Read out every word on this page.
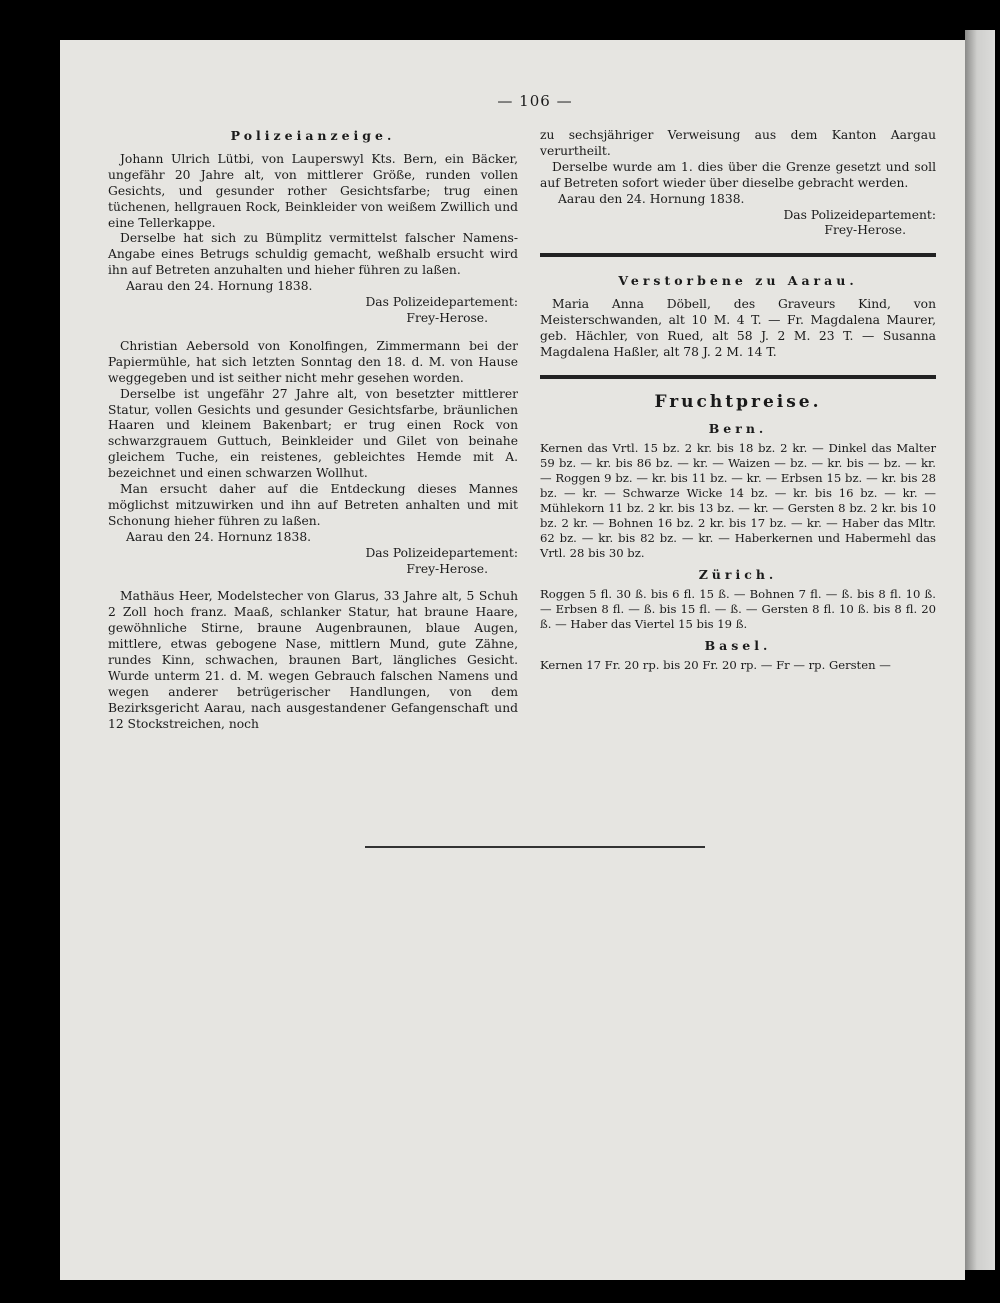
— 106 —
Polizeianzeige.

Johann Ulrich Lütbi, von Lauperswyl Kts. Bern, ein Bäcker, ungefähr 20 Jahre alt, von mittlerer Größe, runden vollen Gesichts, und gesunder rother Gesichtsfarbe; trug einen tüchenen, hellgrauen Rock, Beinkleider von weißem Zwillich und eine Tellerkappe.

Derselbe hat sich zu Bümplitz vermittelst falscher Namens-Angabe eines Betrugs schuldig gemacht, weßhalb ersucht wird ihn auf Betreten anzuhalten und hieher führen zu laßen.

Aarau den 24. Hornung 1838.

Das Polizeidepartement:

Frey-Herose.

Christian Aebersold von Konolfingen, Zimmermann bei der Papiermühle, hat sich letzten Sonntag den 18. d. M. von Hause weggegeben und ist seither nicht mehr gesehen worden.

Derselbe ist ungefähr 27 Jahre alt, von besetzter mittlerer Statur, vollen Gesichts und gesunder Gesichtsfarbe, bräunlichen Haaren und kleinem Bakenbart; er trug einen Rock von schwarzgrauem Guttuch, Beinkleider und Gilet von beinahe gleichem Tuche, ein reistenes, gebleichtes Hemde mit A. bezeichnet und einen schwarzen Wollhut.

Man ersucht daher auf die Entdeckung dieses Mannes möglichst mitzuwirken und ihn auf Betreten anhalten und mit Schonung hieher führen zu laßen.

Aarau den 24. Hornunz 1838.

Das Polizeidepartement:

Frey-Herose.

Mathäus Heer, Modelstecher von Glarus, 33 Jahre alt, 5 Schuh 2 Zoll hoch franz. Maaß, schlanker Statur, hat braune Haare, gewöhnliche Stirne, braune Augenbraunen, blaue Augen, mittlere, etwas gebogene Nase, mittlern Mund, gute Zähne, rundes Kinn, schwachen, braunen Bart, längliches Gesicht. Wurde unterm 21. d. M. wegen Gebrauch falschen Namens und wegen anderer betrügerischer Handlungen, von dem Bezirksgericht Aarau, nach ausgestandener Gefangenschaft und 12 Stockstreichen, noch

zu sechsjähriger Verweisung aus dem Kanton Aargau verurtheilt.

Derselbe wurde am 1. dies über die Grenze gesetzt und soll auf Betreten sofort wieder über dieselbe gebracht werden.

Aarau den 24. Hornung 1838.

Das Polizeidepartement:

Frey-Herose.

Verstorbene zu Aarau.

Maria Anna Döbell, des Graveurs Kind, von Meisterschwanden, alt 10 M. 4 T. — Fr. Magdalena Maurer, geb. Hächler, von Rued, alt 58 J. 2 M. 23 T. — Susanna Magdalena Haßler, alt 78 J. 2 M. 14 T.

Fruchtpreise.
Bern.

Kernen das Vrtl. 15 bz. 2 kr. bis 18 bz. 2 kr. — Dinkel das Malter 59 bz. — kr. bis 86 bz. — kr. — Waizen — bz. — kr. bis — bz. — kr. — Roggen 9 bz. — kr. bis 11 bz. — kr. — Erbsen 15 bz. — kr. bis 28 bz. — kr. — Schwarze Wicke 14 bz. — kr. bis 16 bz. — kr. — Mühlekorn 11 bz. 2 kr. bis 13 bz. — kr. — Gersten 8 bz. 2 kr. bis 10 bz. 2 kr. — Bohnen 16 bz. 2 kr. bis 17 bz. — kr. — Haber das Mltr. 62 bz. — kr. bis 82 bz. — kr. — Haberkernen und Habermehl das Vrtl. 28 bis 30 bz.

Zürich.

Roggen 5 fl. 30 ß. bis 6 fl. 15 ß. — Bohnen 7 fl. — ß. bis 8 fl. 10 ß. — Erbsen 8 fl. — ß. bis 15 fl. — ß. — Gersten 8 fl. 10 ß. bis 8 fl. 20 ß. — Haber das Viertel 15 bis 19 ß.

Basel.

Kernen 17 Fr. 20 rp. bis 20 Fr. 20 rp. — Fr — rp. Gersten —
